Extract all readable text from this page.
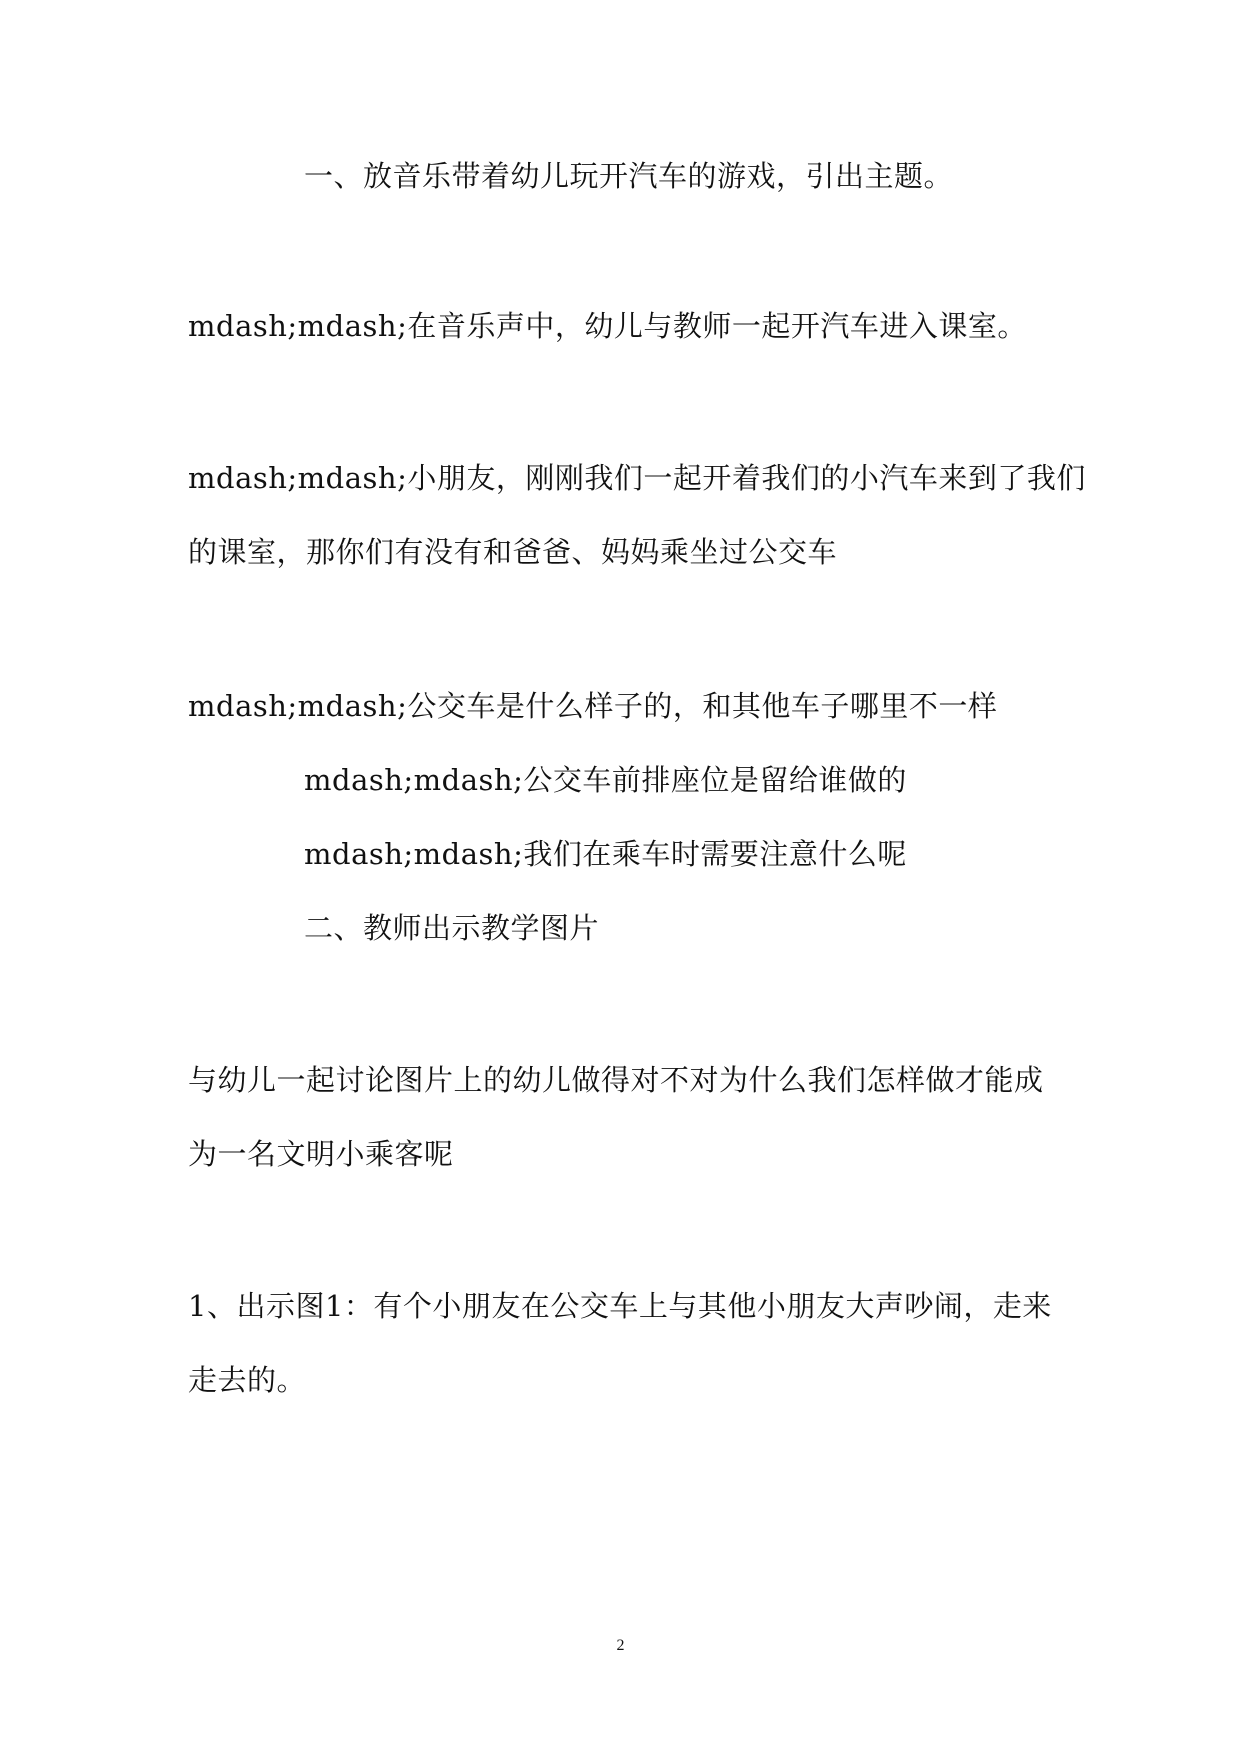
一、放音乐带着幼儿玩开汽车的游戏，引出主题。
mdash;mdash;在音乐声中，幼儿与教师一起开汽车进入课室。
mdash;mdash;小朋友，刚刚我们一起开着我们的小汽车来到了我们
的课室，那你们有没有和爸爸、妈妈乘坐过公交车
mdash;mdash;公交车是什么样子的，和其他车子哪里不一样
mdash;mdash;公交车前排座位是留给谁做的
mdash;mdash;我们在乘车时需要注意什么呢
二、教师出示教学图片
与幼儿一起讨论图片上的幼儿做得对不对为什么我们怎样做才能成
为一名文明小乘客呢
1、出示图1：有个小朋友在公交车上与其他小朋友大声吵闹，走来
走去的。
2
